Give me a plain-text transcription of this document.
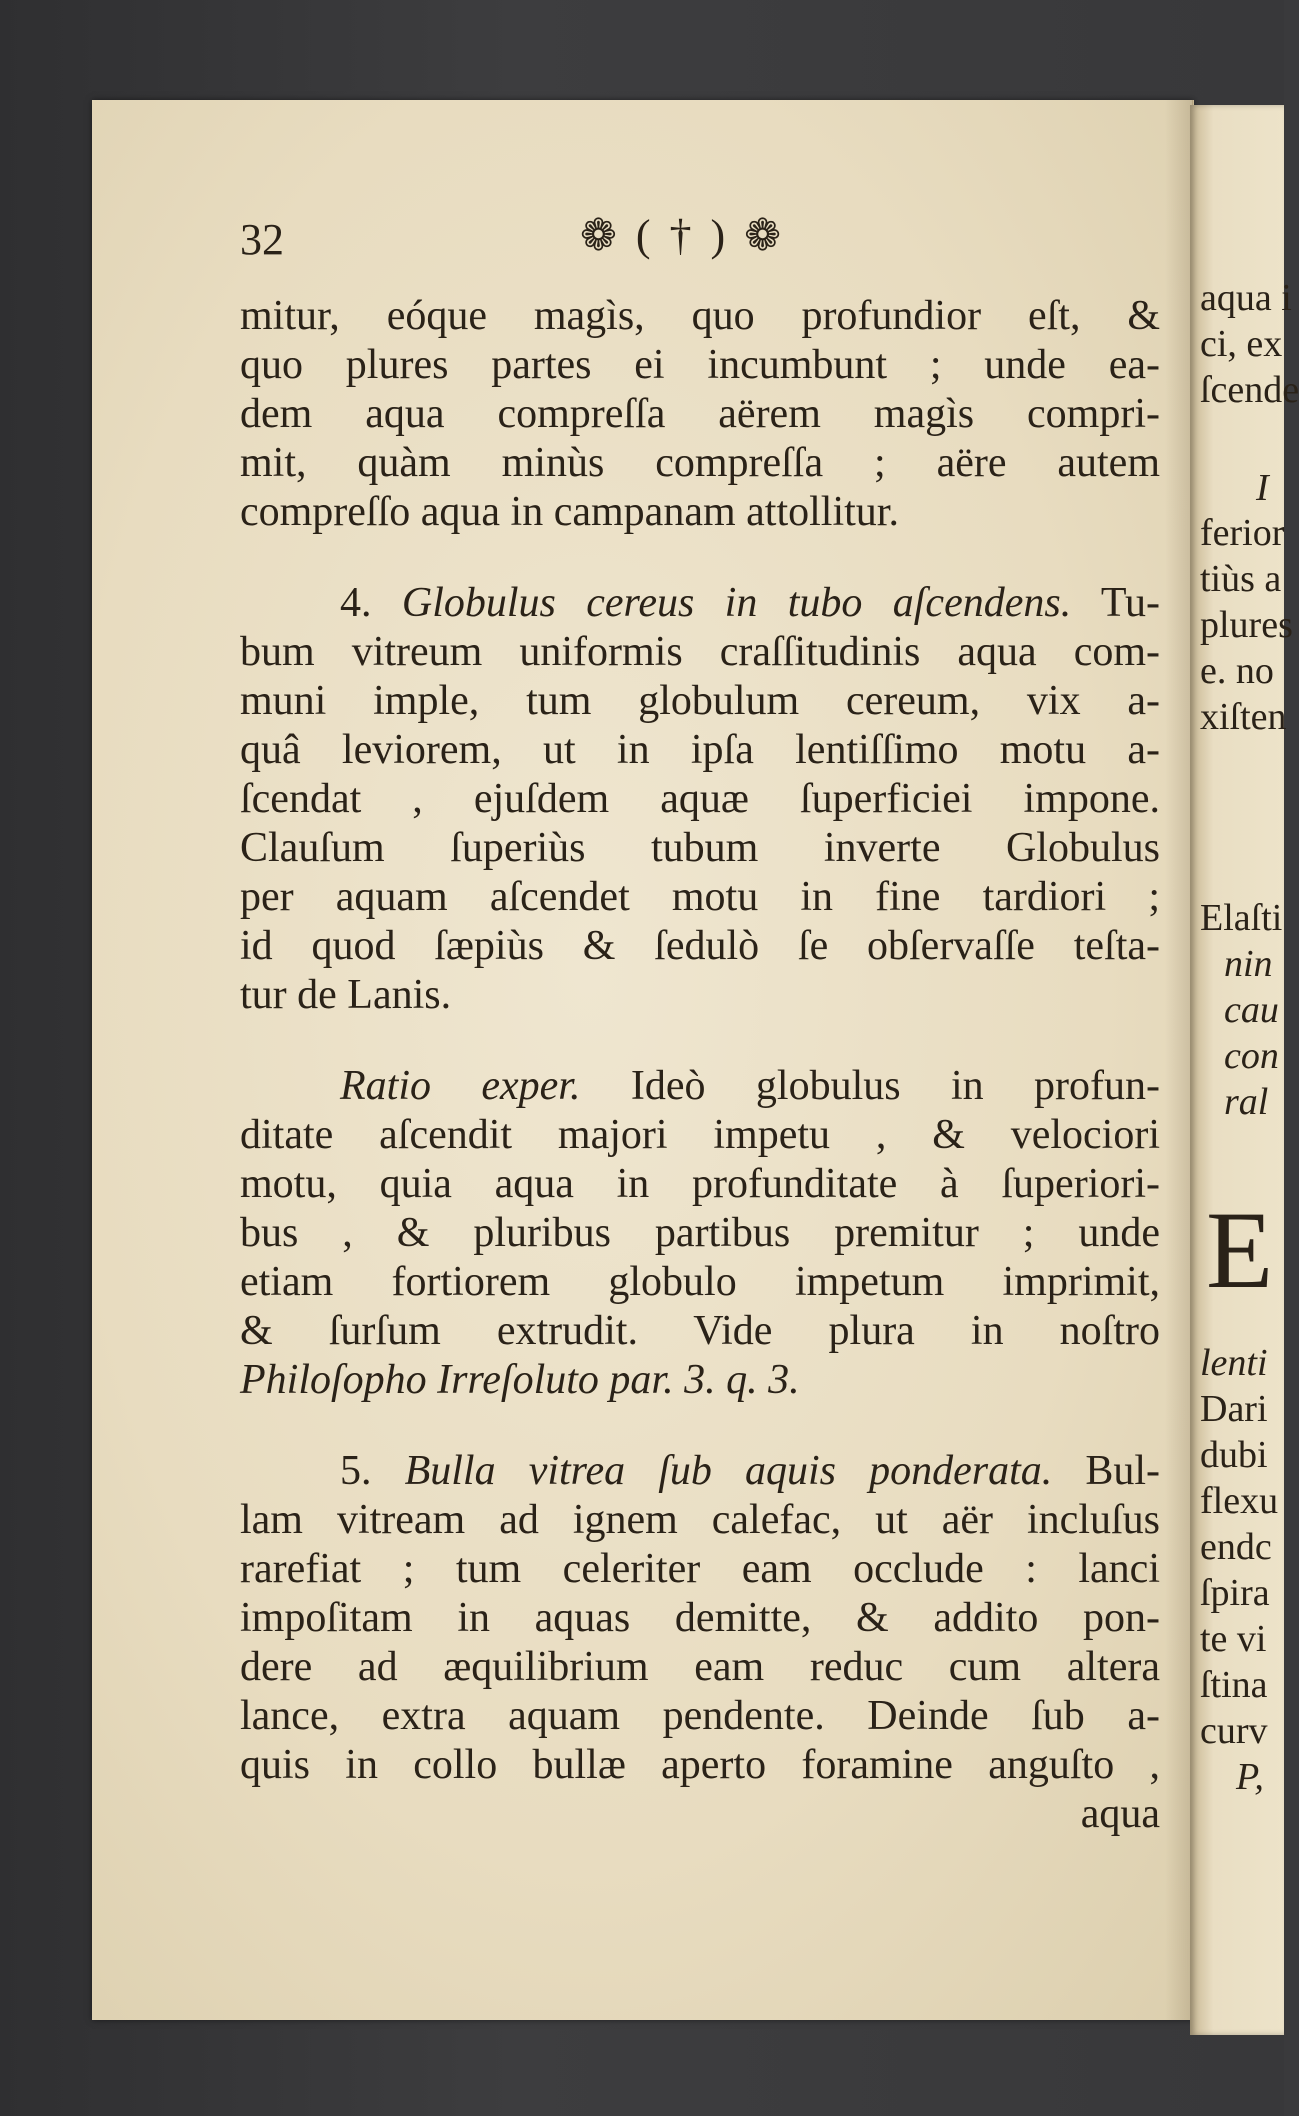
32	❁ ( † ) ❁
mitur, eóque magìs, quo profundior eſt, &
quo plures partes ei incumbunt ; unde ea-
dem aqua compreſſa aërem magìs compri-
mit, quàm minùs compreſſa ; aëre autem
compreſſo aqua in campanam attollitur.
4. Globulus cereus in tubo aſcendens. Tu-
bum vitreum uniformis craſſitudinis aqua com-
muni imple, tum globulum cereum, vix a-
quâ leviorem, ut in ipſa lentiſſimo motu a-
ſcendat , ejuſdem aquæ ſuperficiei impone.
Clauſum ſuperiùs tubum inverte Globulus
per aquam aſcendet motu in fine tardiori ;
id quod ſæpiùs & ſedulò ſe obſervaſſe teſta-
tur de Lanis.
Ratio exper. Ideò globulus in profun-
ditate aſcendit majori impetu , & velociori
motu, quia aqua in profunditate à ſuperiori-
bus , & pluribus partibus premitur ; unde
etiam fortiorem globulo impetum imprimit,
& ſurſum extrudit. Vide plura in noſtro
Philoſopho Irreſoluto par. 3. q. 3.
5. Bulla vitrea ſub aquis ponderata. Bul-
lam vitream ad ignem calefac, ut aër incluſus
rarefiat ; tum celeriter eam occlude : lanci
impoſitam in aquas demitte, & addito pon-
dere ad æquilibrium eam reduc cum altera
lance, extra aquam pendente. Deinde ſub a-
quis in collo bullæ aperto foramine anguſto ,
aqua
aqua i
ci, ex
ſcende
I
ferior
tiùs a
plures
e. no
xiſten
Elaſti
nin
cau
con
ral
E
lenti
Dari
dubi
flexu
endc
ſpira
te vi
ſtina
curv
P,
